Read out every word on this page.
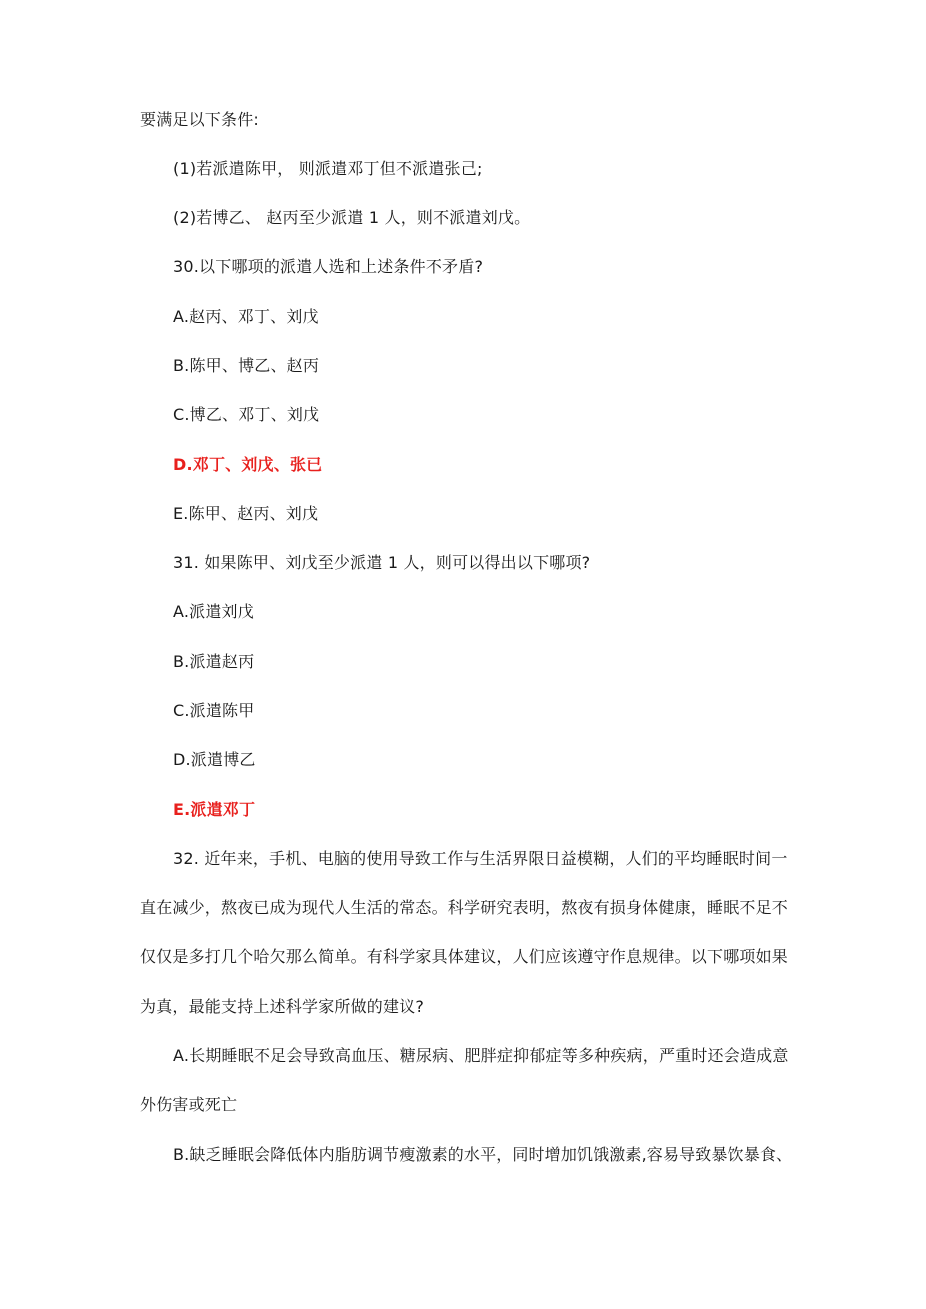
要满足以下条件:
(1)若派遣陈甲， 则派遣邓丁但不派遣张己;
(2)若博乙、 赵丙至少派遣 1 人，则不派遣刘戊。
30.以下哪项的派遣人选和上述条件不矛盾?
A.赵丙、邓丁、刘戊
B.陈甲、博乙、赵丙
C.博乙、邓丁、刘戊
D.邓丁、刘戊、张已
E.陈甲、赵丙、刘戊
31. 如果陈甲、刘戊至少派遣 1 人，则可以得出以下哪项?
A.派遣刘戊
B.派遣赵丙
C.派遣陈甲
D.派遣博乙
E.派遣邓丁
32. 近年来，手机、电脑的使用导致工作与生活界限日益模糊，人们的平均睡眠时间一
直在减少，熬夜已成为现代人生活的常态。科学研究表明，熬夜有损身体健康，睡眠不足不
仅仅是多打几个哈欠那么简单。有科学家具体建议，人们应该遵守作息规律。以下哪项如果
为真，最能支持上述科学家所做的建议?
A.长期睡眠不足会导致高血压、糖尿病、肥胖症抑郁症等多种疾病，严重时还会造成意
外伤害或死亡
B.缺乏睡眠会降低体内脂肪调节瘦激素的水平，同时增加饥饿激素,容易导致暴饮暴食、
